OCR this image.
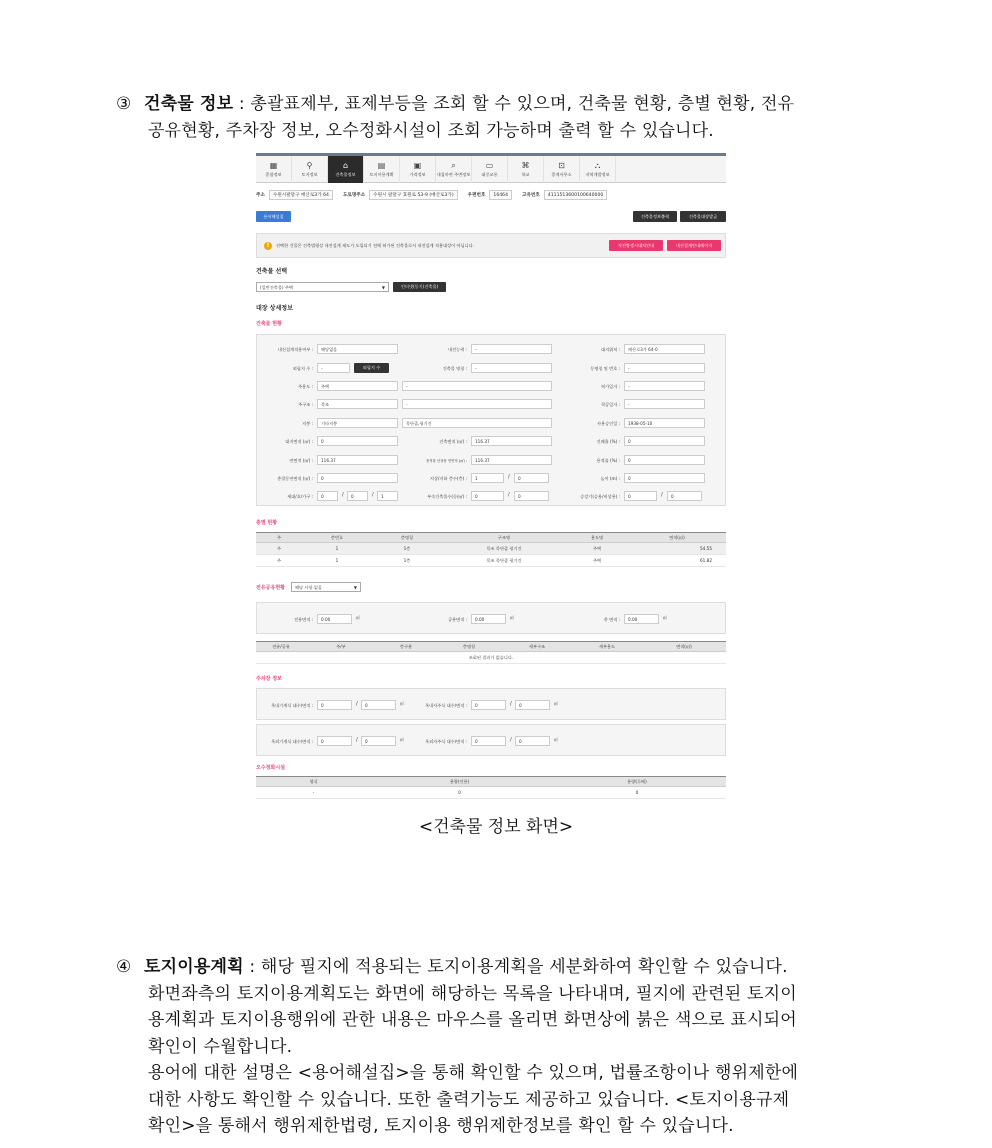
③ 건축물 정보 : 총괄표제부, 표제부등을 조회 할 수 있으며, 건축물 현황, 층별 현황, 전유

공유현황, 주차장 정보, 오수정화시설이 조회 가능하며 출력 할 수 있습니다.

▦
종합정보
⚲
토지정보
⌂
건축물정보
▤
토지이용계획
▣
가격정보
⌕
내집마련 주변정보
▭
대중교통
⌘
학교
⊡
종계서무소
⛬
지역개발정보
주소	수원시팔달구 매산로3가 64	도로명주소	수원시 팔달구 효원로 53-9 (매산로3가)	우편번호	16464	고유번호	4111513600100640000
용어해설집	건축물정보출력	건축물대장발급
!	선택한 건물은 건축법령상 내진설계 제도가 도입되기 전에 허가된 건축물로서 내진설계 적용대상이 아닙니다.	지진방생시대처안내	내진설계안내페이지
건축물 선택
(일반건축물) 주택	▼	인터넷(동기)건축물)
대장 상세정보
건축물 현황
내진설계적용여부 :	해당없음	내진능력 :	-	대지위치 :	매산로3가 64-0
외필지 수 :	-	외필지 수	건축물 명칭 :	-	동명칭 및 번호 :	-
주용도 :	주택	-	허가일자 :	-
주구조 :	목조	-	착공일자 :	-
지붕 :	기타지붕	목단즙,평기건	사용승인일 :	1938-05-10
대지면적 (㎡) :	0	건축면적 (㎡) :	116.37	건폐율 (%) :	0
연면적 (㎡) :	116.37	용적률 산정용 연면적 (㎡) :	116.37	용적률 (%) :	0
총괄동연면적 (㎡) :	0	지상/지하 층수(층) :	1	/	0	높이 (m) :	0
세대/호/가구 :	0	/	0	/	1	부속건축물수(동/㎡) :	0	/	0	승강기(승용/비상용) :	0	/	0
층별 현황
주	층번호	층명칭	구조명	용도명	면적(㎡)
주	1	1층	목조 목단즙 평기건	주택	54.55
주	1	1층	목조 목단즙 평기건	주택	61.82
전유공유현황	해당 사항 없음	▼
전용면적 :	0.00	㎡	공용면적 :	0.00	㎡	총 면적 :	0.00	㎡
전유/공유	주/부	층구분	층명칭	세부구조	세부용도	면적(㎡)
조회된 결과가 없습니다.
주차장 정보
옥내기계식 대수/면적 :	0	/	0	㎡	옥내자주식 대수/면적 :	0	/	0	㎡
옥외기계식 대수/면적 :	0	/	0	㎡	옥외자주식 대수/면적 :	0	/	0	㎡
오수정화시설
형식	용량(인용)	용량(루베)
-	0	0
<건축물 정보 화면>

④ 토지이용계획 : 해당 필지에 적용되는 토지이용계획을 세분화하여 확인할 수 있습니다.

화면좌측의 토지이용계획도는 화면에 해당하는 목록을 나타내며, 필지에 관련된 토지이

용계획과 토지이용행위에 관한 내용은 마우스를 올리면 화면상에 붉은 색으로 표시되어

확인이 수월합니다.

용어에 대한 설명은 <용어해설집>을 통해 확인할 수 있으며, 법률조항이나 행위제한에

대한 사항도 확인할 수 있습니다. 또한 출력기능도 제공하고 있습니다. <토지이용규제

확인>을 통해서 행위제한법령, 토지이용 행위제한정보를 확인 할 수 있습니다.
